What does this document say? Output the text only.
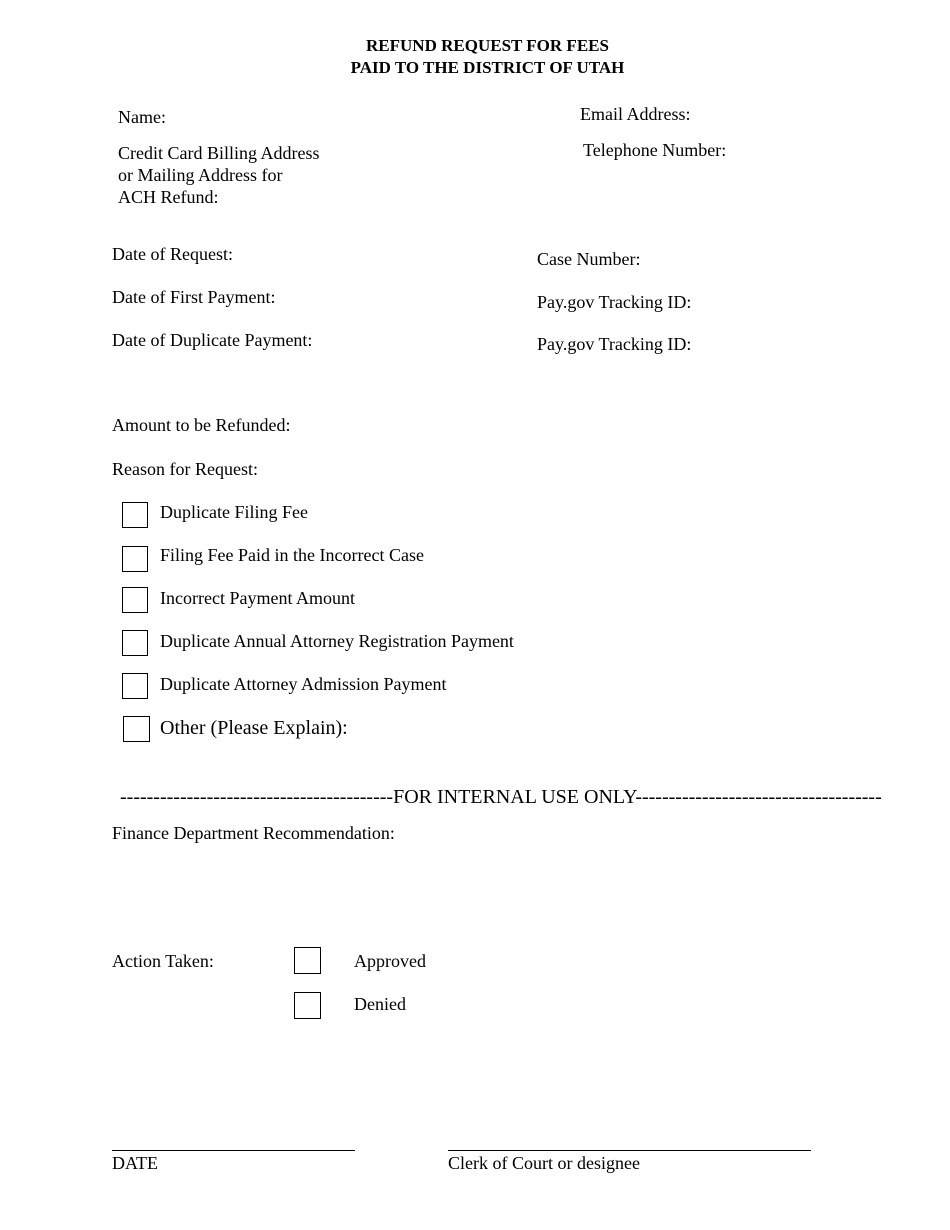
REFUND REQUEST FOR FEES
PAID TO THE DISTRICT OF UTAH
Name:	Email Address:
Telephone Number:
Credit Card Billing Address
or Mailing Address for
ACH Refund:
Date of Request:	Case Number:
Date of First Payment:	Pay.gov Tracking ID:
Date of Duplicate Payment:	Pay.gov Tracking ID:
Amount to be Refunded:
Reason for Request:
Duplicate Filing Fee
Filing Fee Paid in the Incorrect Case
Incorrect Payment Amount
Duplicate Annual Attorney Registration Payment
Duplicate Attorney Admission Payment
Other (Please Explain):
-----------------------------------------FOR INTERNAL USE ONLY-------------------------------------
Finance Department Recommendation:
Action Taken:	Approved
Denied
DATE	Clerk of Court or designee
